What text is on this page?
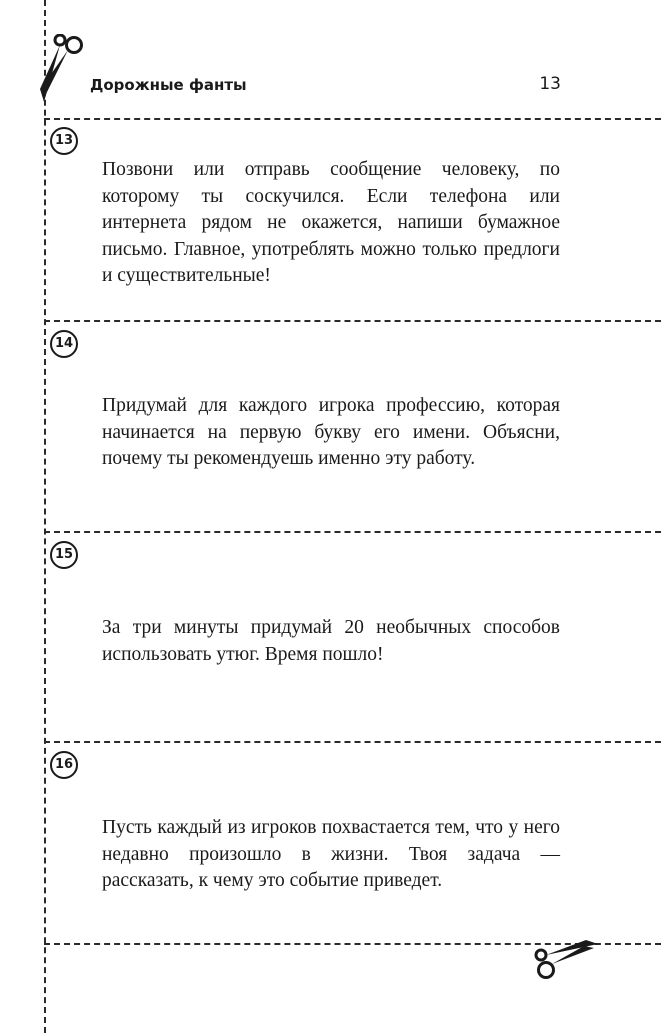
Дорожные фанты	13
13

Позвони или отправь сообщение человеку, по которому ты соскучился. Если телефона или интернета рядом не окажется, напиши бумажное письмо. Главное, употреблять можно только предлоги и существительные!

14

Придумай для каждого игрока профессию, которая начинается на первую букву его имени. Объясни, почему ты рекомендуешь именно эту работу.

15

За три минуты придумай 20 необычных способов использовать утюг. Время пошло!

16

Пусть каждый из игроков похвастается тем, что у него недавно произошло в жизни. Твоя задача — рассказать, к чему это событие приведет.
